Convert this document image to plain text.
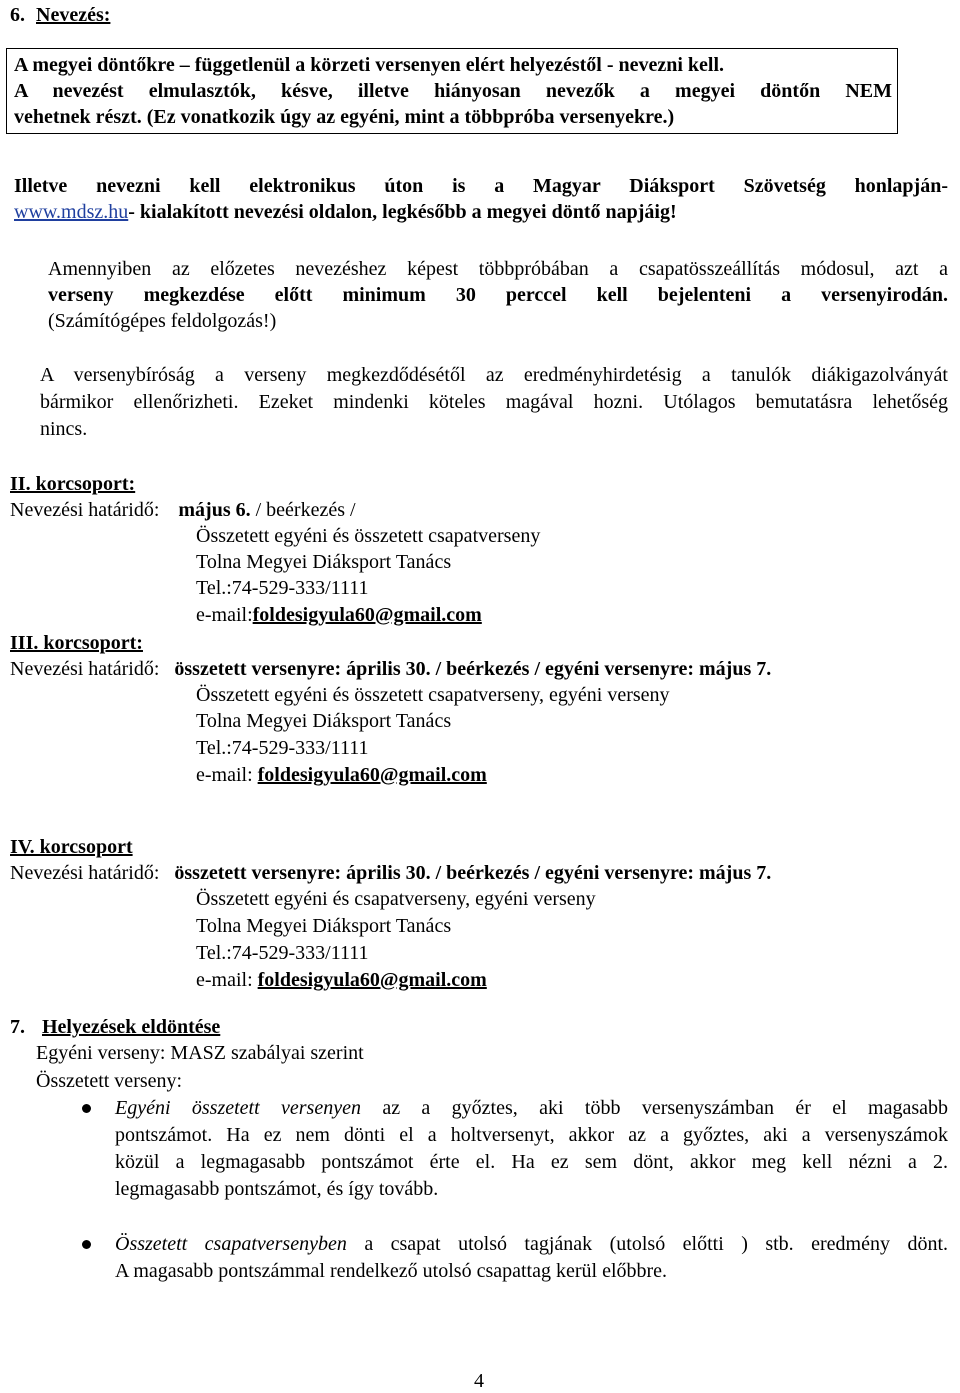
6. Nevezés:
A megyei döntőkre – függetlenül a körzeti versenyen elért helyezéstől - nevezni kell.
A nevezést elmulasztók, késve, illetve hiányosan nevezők a megyei döntőn NEM
vehetnek részt. (Ez vonatkozik úgy az egyéni, mint a többpróba versenyekre.)
Illetve nevezni kell elektronikus úton is a Magyar Diáksport Szövetség honlapján-
www.mdsz.hu- kialakított nevezési oldalon, legkésőbb a megyei döntő napjáig!
Amennyiben az előzetes nevezéshez képest többpróbában a csapatösszeállítás módosul, azt a
verseny megkezdése előtt minimum 30 perccel kell bejelenteni a versenyirodán.
(Számítógépes feldolgozás!)
A versenybíróság a verseny megkezdődésétől az eredményhirdetésig a tanulók diákigazolványát
bármikor ellenőrizheti. Ezeket mindenki köteles magával hozni. Utólagos bemutatásra lehetőség
nincs.
II. korcsoport:
Nevezési határidő: május 6. / beérkezés /
Összetett egyéni és összetett csapatverseny
Tolna Megyei Diáksport Tanács
Tel.:74-529-333/1111
e-mail:foldesigyula60@gmail.com
III. korcsoport:
Nevezési határidő: összetett versenyre: április 30. / beérkezés / egyéni versenyre: május 7.
Összetett egyéni és összetett csapatverseny, egyéni verseny
Tolna Megyei Diáksport Tanács
Tel.:74-529-333/1111
e-mail: foldesigyula60@gmail.com
IV. korcsoport
Nevezési határidő: összetett versenyre: április 30. / beérkezés / egyéni versenyre: május 7.
Összetett egyéni és csapatverseny, egyéni verseny
Tolna Megyei Diáksport Tanács
Tel.:74-529-333/1111
e-mail: foldesigyula60@gmail.com
7. Helyezések eldöntése
Egyéni verseny: MASZ szabályai szerint
Összetett verseny:
Egyéni összetett versenyen az a győztes, aki több versenyszámban ér el magasabb
pontszámot. Ha ez nem dönti el a holtversenyt, akkor az a győztes, aki a versenyszámok
közül a legmagasabb pontszámot érte el. Ha ez sem dönt, akkor meg kell nézni a 2.
legmagasabb pontszámot, és így tovább.
Összetett csapatversenyben a csapat utolsó tagjának (utolsó előtti ) stb. eredmény dönt.
A magasabb pontszámmal rendelkező utolsó csapattag kerül előbbre.
4
